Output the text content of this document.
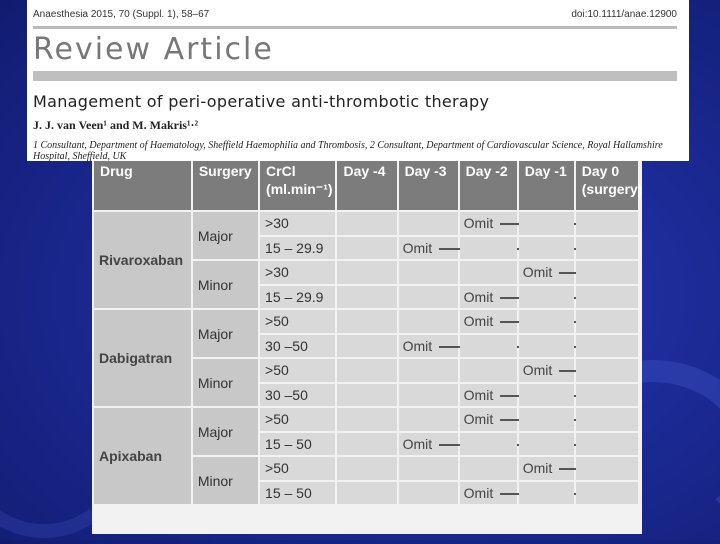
Drug	Surgery	CrCl (ml.min⁻¹)	Day -4	Day -3	Day -2	Day -1	Day 0 (surgery)
Rivaroxaban	Major	>30			Omit		

		15 – 29.9		Omit			

	Minor	>30				Omit	

		15 – 29.9			Omit		

Dabigatran	Major	>50			Omit		

		30 –50		Omit			

	Minor	>50				Omit	

		30 –50			Omit		

Apixaban	Major	>50			Omit		

		15 – 50		Omit			

	Minor	>50				Omit	

		15 – 50			Omit		

Anaesthesia 2015, 70 (Suppl. 1), 58–67	doi:10.1111/anae.12900
Review Article
Management of peri-operative anti-thrombotic therapy
J. J. van Veen¹ and M. Makris¹·²
1 Consultant, Department of Haematology, Sheffield Haemophilia and Thrombosis, 2 Consultant, Department of Cardiovascular Science, Royal Hallamshire Hospital, Sheffield, UK
